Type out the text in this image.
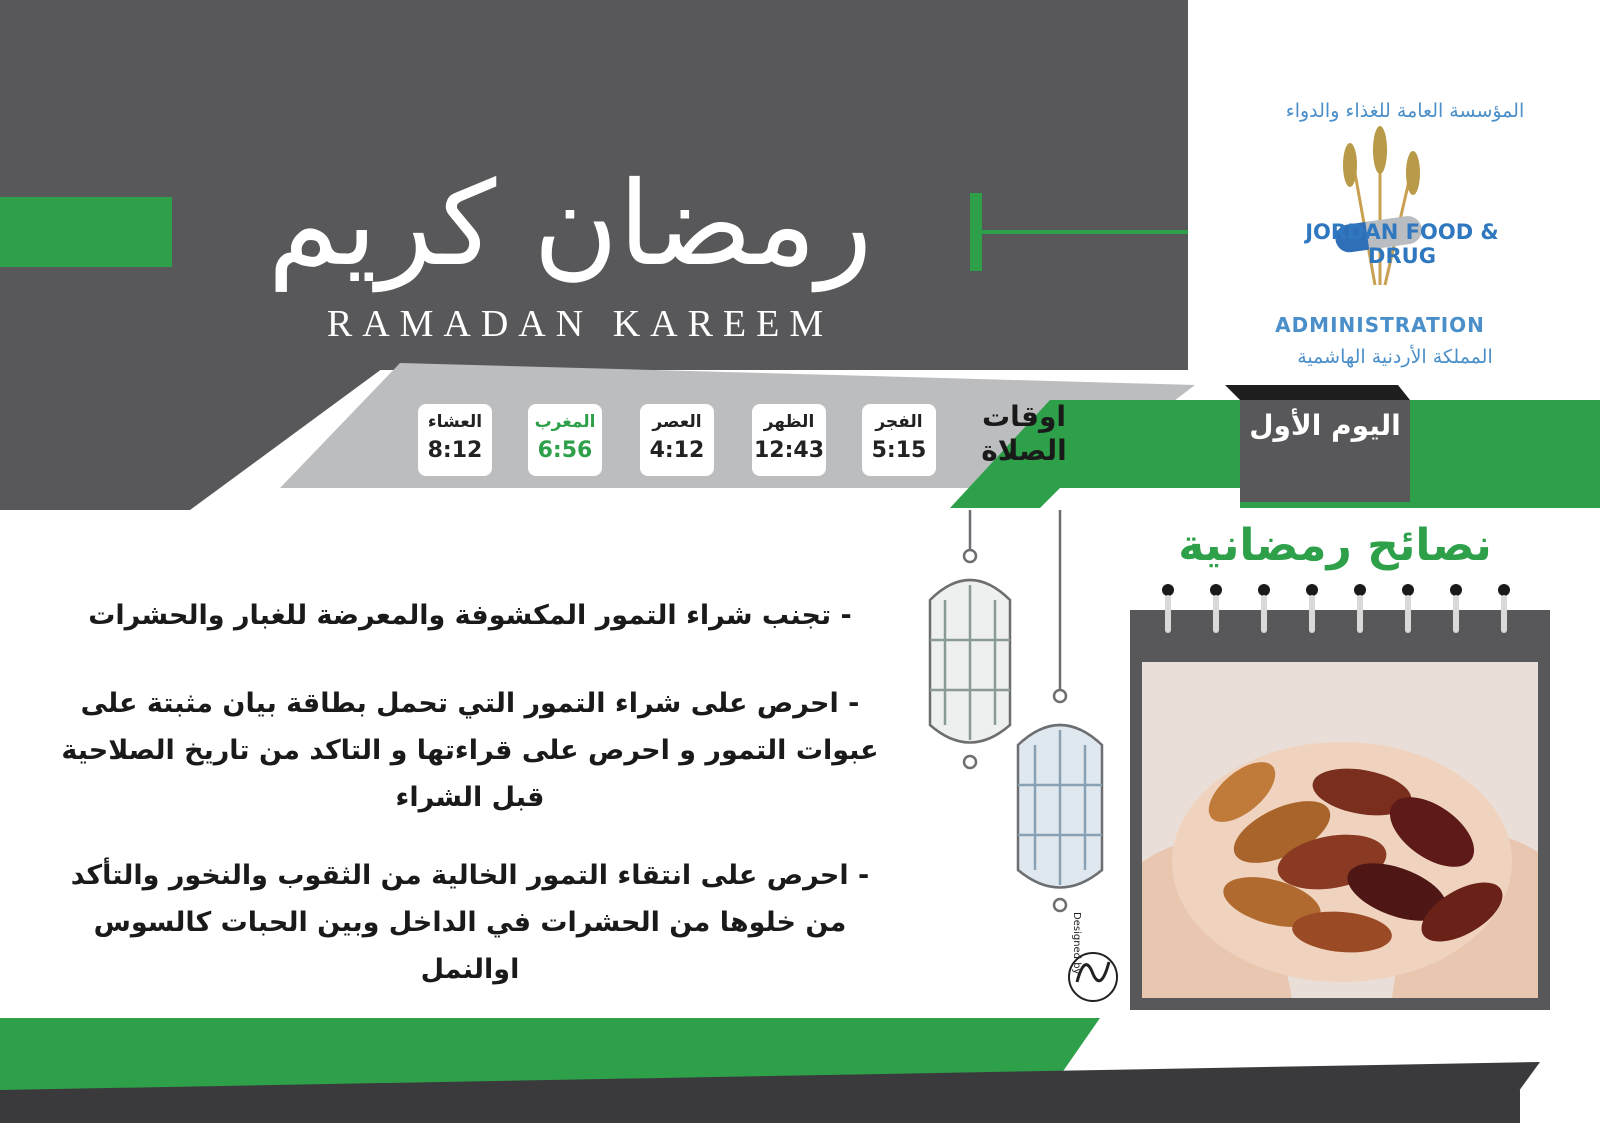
رمضان كريم
RAMADAN KAREEM
المؤسسة العامة للغذاء والدواء
JORDAN FOOD & DRUG
ADMINISTRATION
المملكة الأردنية الهاشمية
اوقات الصلاة
الفجر
5:15
الظهر
12:43
العصر
4:12
المغرب
6:56
العشاء
8:12
اليوم الأول
نصائح رمضانية
- تجنب شراء التمور المكشوفة والمعرضة للغبار والحشرات
- احرص على شراء التمور التي تحمل بطاقة بيان مثبتة على عبوات التمور و احرص على قراءتها و التاكد من تاريخ الصلاحية قبل الشراء
- احرص على انتقاء التمور الخالية من الثقوب والنخور والتأكد من خلوها من الحشرات في الداخل وبين الحبات كالسوس اوالنمل	Designed by
